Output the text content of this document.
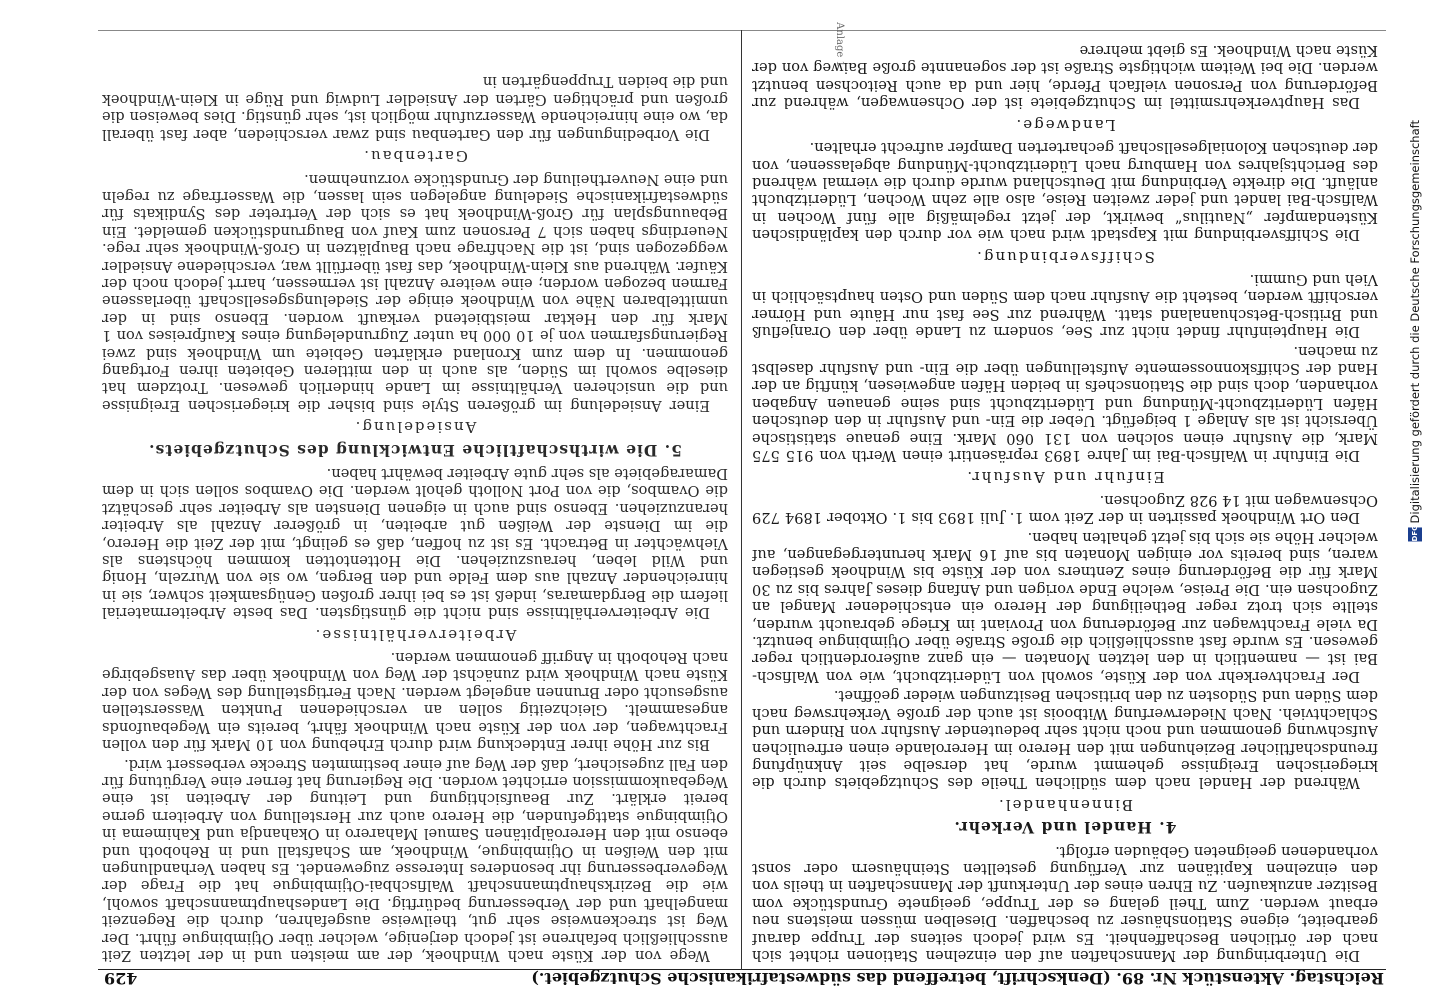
Reichstag. Aktenstück Nr. 89. (Denkschrift, betreffend das südwestafrikanische Schutzgebiet.)
429

Die Unterbringung der Mannschaften auf den einzelnen Stationen richtet sich nach der örtlichen Beschaffenheit. Es wird jedoch seitens der Truppe darauf gearbeitet, eigene Stationshäuser zu beschaffen. Dieselben müssen meistens neu erbaut werden. Zum Theil gelang es der Truppe, geeignete Grundstücke vom Besitzer anzukaufen. Zu Ehren eines der Unterkunft der Mannschaften in theils von den einzelnen Kapitänen zur Verfügung gestellten Steinhäusern oder sonst vorhandenen geeigneten Gebäuden erfolgt.

4. Handel und Verkehr.
Binnenhandel.

Während der Handel nach dem südlichen Theile des Schutzgebiets durch die kriegerischen Ereignisse gehemmt wurde, hat derselbe seit Anknüpfung freundschaftlicher Beziehungen mit den Herero im Hererolande einen erfreulichen Aufschwung genommen und noch nicht sehr bedeutender Ausfuhr von Rindern und Schlachtvieh. Nach Niederwerfung Witboois ist auch der große Verkehrsweg nach dem Süden und Südosten zu den britischen Besitzungen wieder geöffnet.

Der Frachtverkehr von der Küste, sowohl von Lüderitzbucht, wie von Walfisch-Bai ist — namentlich in den letzten Monaten — ein ganz außerordentlich reger gewesen. Es wurde fast ausschließlich die große Straße über Otjimbingue benutzt. Da viele Frachtwagen zur Beförderung von Proviant im Kriege gebraucht wurden, stellte sich trotz reger Betheiligung der Herero ein entschiedener Mangel an Zugochsen ein. Die Preise, welche Ende vorigen und Anfang dieses Jahres bis zu 30 Mark für die Beförderung eines Zentners von der Küste bis Windhoek gestiegen waren, sind bereits vor einigen Monaten bis auf 16 Mark heruntergegangen, auf welcher Höhe sie sich bis jetzt gehalten haben.

Den Ort Windhoek passirten in der Zeit vom 1. Juli 1893 bis 1. Oktober 1894 729 Ochsenwagen mit 14 928 Zugochsen.

Einfuhr und Ausfuhr.

Die Einfuhr in Walfisch-Bai im Jahre 1893 repräsentirt einen Werth von 915 575 Mark, die Ausfuhr einen solchen von 131 060 Mark. Eine genaue statistische Übersicht ist als Anlage 1 beigefügt. Ueber die Ein- und Ausfuhr in den deutschen Häfen Lüderitzbucht-Mündung und Lüderitzbucht sind seine genauen Angaben vorhanden, doch sind die Stationschefs in beiden Häfen angewiesen, künftig an der Hand der Schiffskonnossemente Aufstellungen über die Ein- und Ausfuhr daselbst zu machen.

Die Haupteinfuhr findet nicht zur See, sondern zu Lande über den Oranjefluß und Britisch-Betschuanaland statt. Während zur See fast nur Häute und Hörner verschifft werden, besteht die Ausfuhr nach dem Süden und Osten hauptsächlich in Vieh und Gummi.

Schiffsverbindung.

Die Schiffsverbindung mit Kapstadt wird nach wie vor durch den kapländischen Küstendampfer „Nautilus“ bewirkt, der jetzt regelmäßig alle fünf Wochen in Walfisch-Bai landet und jeder zweiten Reise, also alle zehn Wochen, Lüderitzbucht anläuft. Die direkte Verbindung mit Deutschland wurde durch die viermal während des Berichtsjahres von Hamburg nach Lüderitzbucht-Mündung abgelassenen, von der deutschen Kolonialgesellschaft gecharterten Dampfer aufrecht erhalten.

Landwege.

Das Hauptverkehrsmittel im Schutzgebiete ist der Ochsenwagen, während zur Beförderung von Personen vielfach Pferde, hier und da auch Reitochsen benutzt werden. Die bei Weitem wichtigste Straße ist der sogenannte große Baiweg von der Küste nach Windhoek. Es giebt mehrere

Wege von der Küste nach Windhoek, der am meisten und in der letzten Zeit ausschließlich befahrene ist jedoch derjenige, welcher über Otjimbingue führt. Der Weg ist streckenweise sehr gut, theilweise ausgefahren, durch die Regenzeit mangelhaft und der Verbesserung bedürftig. Die Landeshauptmannschaft sowohl, wie die Bezirkshauptmannschaft Walfischbai-Otjimbingue hat die Frage der Wegeverbesserung ihr besonderes Interesse zugewendet. Es haben Verhandlungen mit den Weißen in Otjimbingue, Windhoek, am Schafstall und in Rehoboth und ebenso mit den Hereroälpitänen Samuel Maharero in Okahandja und Kahimema in Otjimbingue stattgefunden, die Herero auch zur Herstellung von Arbeitern gerne bereit erklärt. Zur Beaufsichtigung und Leitung der Arbeiten ist eine Wegebaukommission errichtet worden. Die Regierung hat ferner eine Vergütung für den Fall zugesichert, daß der Weg auf einer bestimmten Strecke verbessert wird.

Bis zur Höhe ihrer Entdeckung wird durch Erhebung von 10 Mark für den vollen Frachtwagen, der von der Küste nach Windhoek fährt, bereits ein Wegebaufonds angesammelt. Gleichzeitig sollen an verschiedenen Punkten Wasserstellen ausgesucht oder Brunnen angelegt werden. Nach Fertigstellung des Weges von der Küste nach Windhoek wird zunächst der Weg von Windhoek über das Auasgebirge nach Rehoboth in Angriff genommen werden.

Arbeiterverhältnisse.

Die Arbeiterverhältnisse sind nicht die günstigsten. Das beste Arbeitermaterial liefern die Bergdamaras, indeß ist es bei ihrer großen Genügsamkeit schwer, sie in hinreichender Anzahl aus dem Felde und den Bergen, wo sie von Wurzeln, Honig und Wild leben, herauszuziehen. Die Hottentotten kommen höchstens als Viehwächter in Betracht. Es ist zu hoffen, daß es gelingt, mit der Zeit die Herero, die im Dienste der Weißen gut arbeiten, in größerer Anzahl als Arbeiter heranzuziehen. Ebenso sind auch in eigenen Diensten als Arbeiter sehr geschätzt die Ovambos, die von Port Nolloth geholt werden. Die Ovambos sollen sich in dem Damaragebiete als sehr gute Arbeiter bewährt haben.

5. Die wirthschaftliche Entwicklung des Schutzgebiets.
Ansiedelung.

Einer Ansiedelung im größeren Style sind bisher die kriegerischen Ereignisse und die unsicheren Verhältnisse im Lande hinderlich gewesen. Trotzdem hat dieselbe sowohl im Süden, als auch in den mittleren Gebieten ihren Fortgang genommen. In dem zum Kronland erklärten Gebiete um Windhoek sind zwei Regierungsfarmen von je 10 000 ha unter Zugrundelegung eines Kaufpreises von 1 Mark für den Hektar meistbietend verkauft worden. Ebenso sind in der unmittelbaren Nähe von Windhoek einige der Siedelungsgesellschaft überlassene Farmen bezogen worden; eine weitere Anzahl ist vermessen, harrt jedoch noch der Käufer. Während aus Klein-Windhoek, das fast überfüllt war, verschiedene Ansiedler weggezogen sind, ist die Nachfrage nach Bauplätzen in Groß-Windhoek sehr rege. Neuerdings haben sich 7 Personen zum Kauf von Baugrundstücken gemeldet. Ein Bebauungsplan für Groß-Windhoek hat es sich der Vertreter des Syndikats für südwestafrikanische Siedelung angelegen sein lassen, die Wasserfrage zu regeln und eine Neuvertheilung der Grundstücke vorzunehmen.

Gartenbau.

Die Vorbedingungen für den Gartenbau sind zwar verschieden, aber fast überall da, wo eine hinreichende Wasserzufuhr möglich ist, sehr günstig. Dies beweisen die großen und prächtigen Gärten der Ansiedler Ludwig und Rüge in Klein-Windhoek und die beiden Truppengärten in

Anlage 1
DFG
Digitalisierung gefördert durch die Deutsche Forschungsgemeinschaft
